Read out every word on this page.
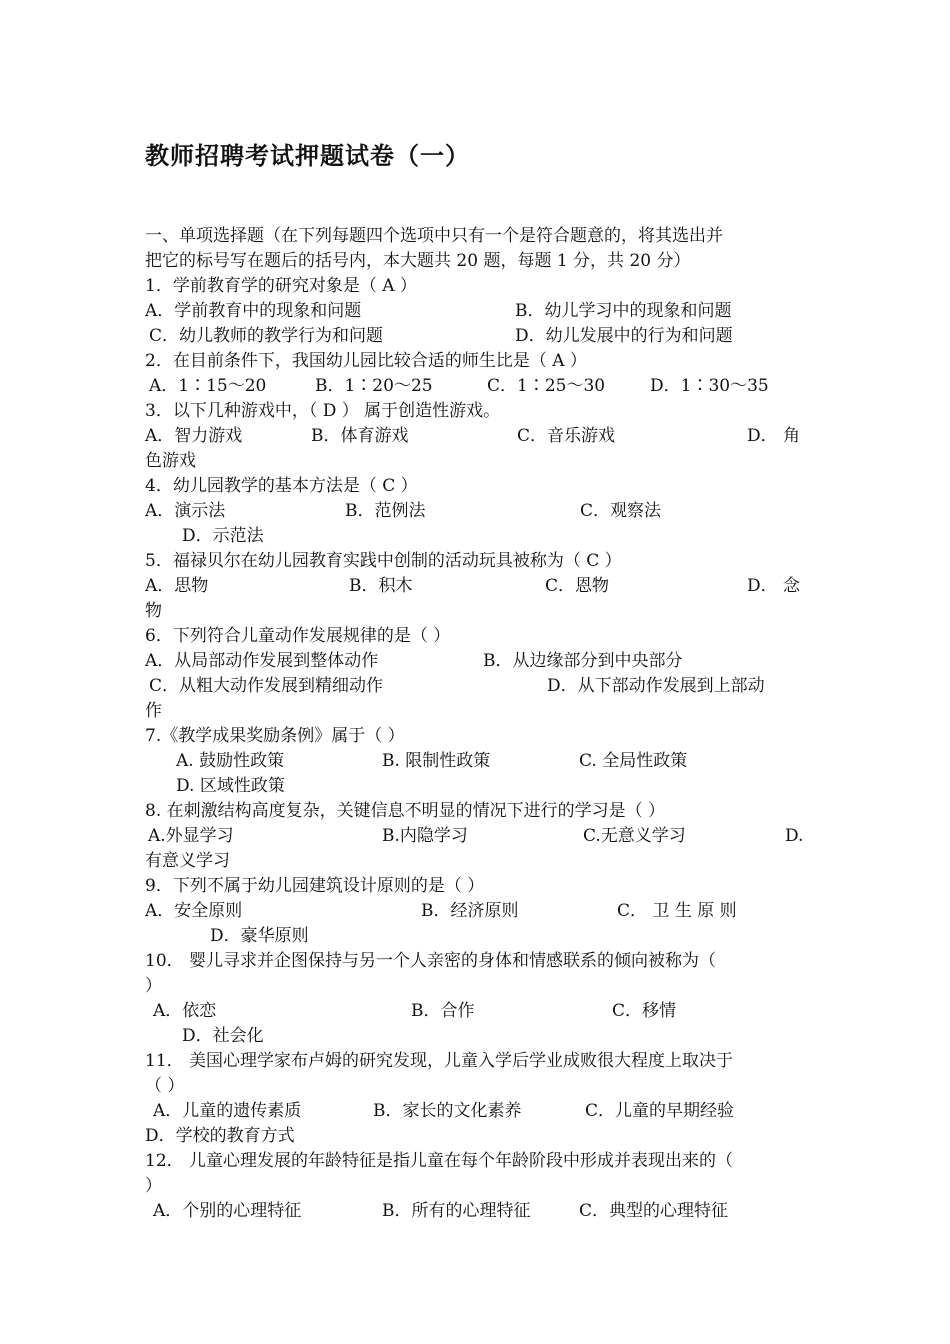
教师招聘考试押题试卷（一）
一、单项选择题（在下列每题四个选项中只有一个是符合题意的，将其选出并
把它的标号写在题后的括号内，本大题共 20 题，每题 1 分，共 20 分）
1．学前教育学的研究对象是（ A ）
A．学前教育中的现象和问题	B．幼儿学习中的现象和问题
C．幼儿教师的教学行为和问题	D．幼儿发展中的行为和问题
2．在目前条件下，我国幼儿园比较合适的师生比是（ A ）
A．1∶15～20	B．1∶20～25	C．1∶25～30	D．1∶30～35
3．以下几种游戏中，（ D ） 属于创造性游戏。
A．智力游戏	B．体育游戏	C．音乐游戏	D． 角
色游戏
4．幼儿园教学的基本方法是（ C ）
A．演示法	B．范例法	C．观察法
D．示范法
5．福禄贝尔在幼儿园教育实践中创制的活动玩具被称为（ C ）
A．思物	B．积木	C．恩物	D． 念
物
6．下列符合儿童动作发展规律的是（ ）
A．从局部动作发展到整体动作	B．从边缘部分到中央部分
C．从粗大动作发展到精细动作	D．从下部动作发展到上部动
作
7.《教学成果奖励条例》属于（ ）
A. 鼓励性政策	B. 限制性政策	C. 全局性政策
D. 区域性政策
8. 在刺激结构高度复杂，关键信息不明显的情况下进行的学习是（ ）
A.外显学习	B.内隐学习	C.无意义学习	D.
有意义学习
9．下列不属于幼儿园建筑设计原则的是（ ）
A．安全原则	B．经济原则	C． 卫 生 原 则
D．豪华原则
10． 婴儿寻求并企图保持与另一个人亲密的身体和情感联系的倾向被称为（
）
A．依恋	B．合作	C．移情
D．社会化
11． 美国心理学家布卢姆的研究发现，儿童入学后学业成败很大程度上取决于
（ ）
A．儿童的遗传素质	B．家长的文化素养	C．儿童的早期经验
D．学校的教育方式
12． 儿童心理发展的年龄特征是指儿童在每个年龄阶段中形成并表现出来的（
）
A．个别的心理特征	B．所有的心理特征	C．典型的心理特征
